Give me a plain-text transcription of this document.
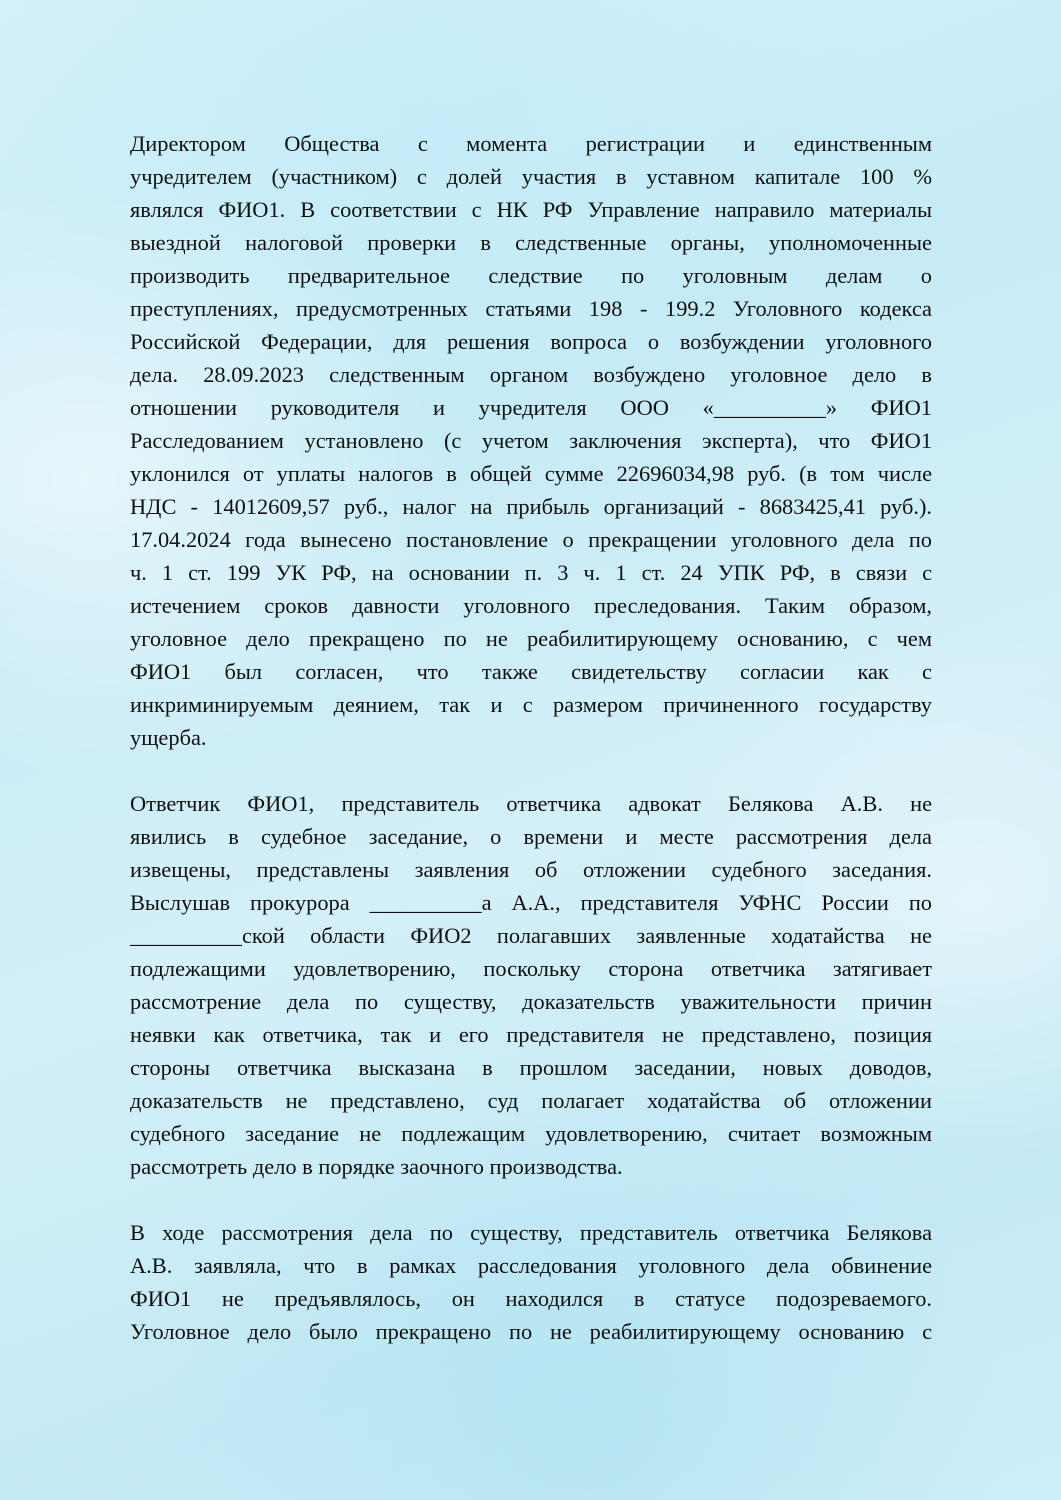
Директором Общества с момента регистрации и единственным
учредителем (участником) с долей участия в уставном капитале 100 %
являлся ФИО1. В соответствии с НК РФ Управление направило материалы
выездной налоговой проверки в следственные органы, уполномоченные
производить предварительное следствие по уголовным делам о
преступлениях, предусмотренных статьями 198 - 199.2 Уголовного кодекса
Российской Федерации, для решения вопроса о возбуждении уголовного
дела. 28.09.2023 следственным органом возбуждено уголовное дело в
отношении руководителя и учредителя ООО «__________» ФИО1
Расследованием установлено (с учетом заключения эксперта), что ФИО1
уклонился от уплаты налогов в общей сумме 22696034,98 руб. (в том числе
НДС - 14012609,57 руб., налог на прибыль организаций - 8683425,41 руб.).
17.04.2024 года вынесено постановление о прекращении уголовного дела по
ч. 1 ст. 199 УК РФ, на основании п. 3 ч. 1 ст. 24 УПК РФ, в связи с
истечением сроков давности уголовного преследования. Таким образом,
уголовное дело прекращено по не реабилитирующему основанию, с чем
ФИО1 был согласен, что также свидетельству согласии как с
инкриминируемым деянием, так и с размером причиненного государству
ущерба.

Ответчик ФИО1, представитель ответчика адвокат Белякова А.В. не
явились в судебное заседание, о времени и месте рассмотрения дела
извещены, представлены заявления об отложении судебного заседания.
Выслушав прокурора __________а А.А., представителя УФНС России по
__________ской области ФИО2 полагавших заявленные ходатайства не
подлежащими удовлетворению, поскольку сторона ответчика затягивает
рассмотрение дела по существу, доказательств уважительности причин
неявки как ответчика, так и его представителя не представлено, позиция
стороны ответчика высказана в прошлом заседании, новых доводов,
доказательств не представлено, суд полагает ходатайства об отложении
судебного заседание не подлежащим удовлетворению, считает возможным
рассмотреть дело в порядке заочного производства.

В ходе рассмотрения дела по существу, представитель ответчика Белякова
А.В. заявляла, что в рамках расследования уголовного дела обвинение
ФИО1 не предъявлялось, он находился в статусе подозреваемого.
Уголовное дело было прекращено по не реабилитирующему основанию с
